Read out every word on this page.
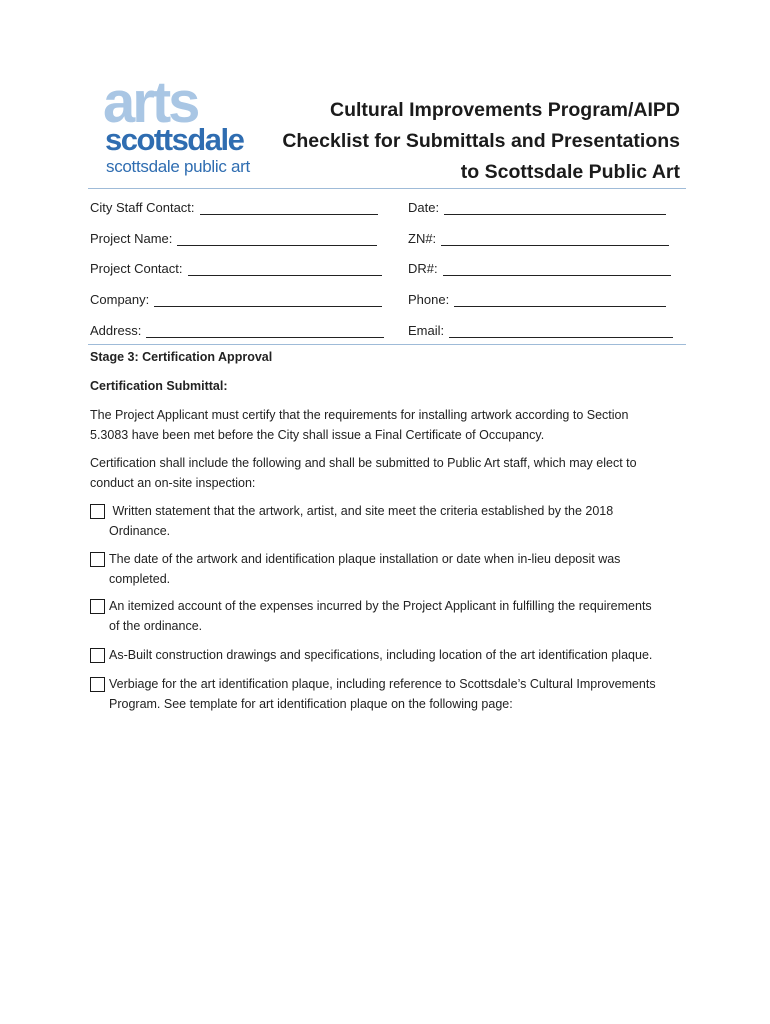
arts
scottsdale
scottsdale public art
Cultural Improvements Program/AIPD
Checklist for Submittals and Presentations
to Scottsdale Public Art
City Staff Contact:
Project Name:
Project Contact:
Company:
Address:
Date:
ZN#:
DR#:
Phone:
Email:
Stage 3: Certification Approval
Certification Submittal:
The Project Applicant must certify that the requirements for installing artwork according to Section
5.3083 have been met before the City shall issue a Final Certificate of Occupancy.
Certification shall include the following and shall be submitted to Public Art staff, which may elect to
conduct an on-site inspection:
Written statement that the artwork, artist, and site meet the criteria established by the 2018
Ordinance.
The date of the artwork and identification plaque installation or date when in-lieu deposit was
completed.
An itemized account of the expenses incurred by the Project Applicant in fulfilling the requirements
of the ordinance.
As-Built construction drawings and specifications, including location of the art identification plaque.
Verbiage for the art identification plaque, including reference to Scottsdale’s Cultural Improvements
Program. See template for art identification plaque on the following page:
